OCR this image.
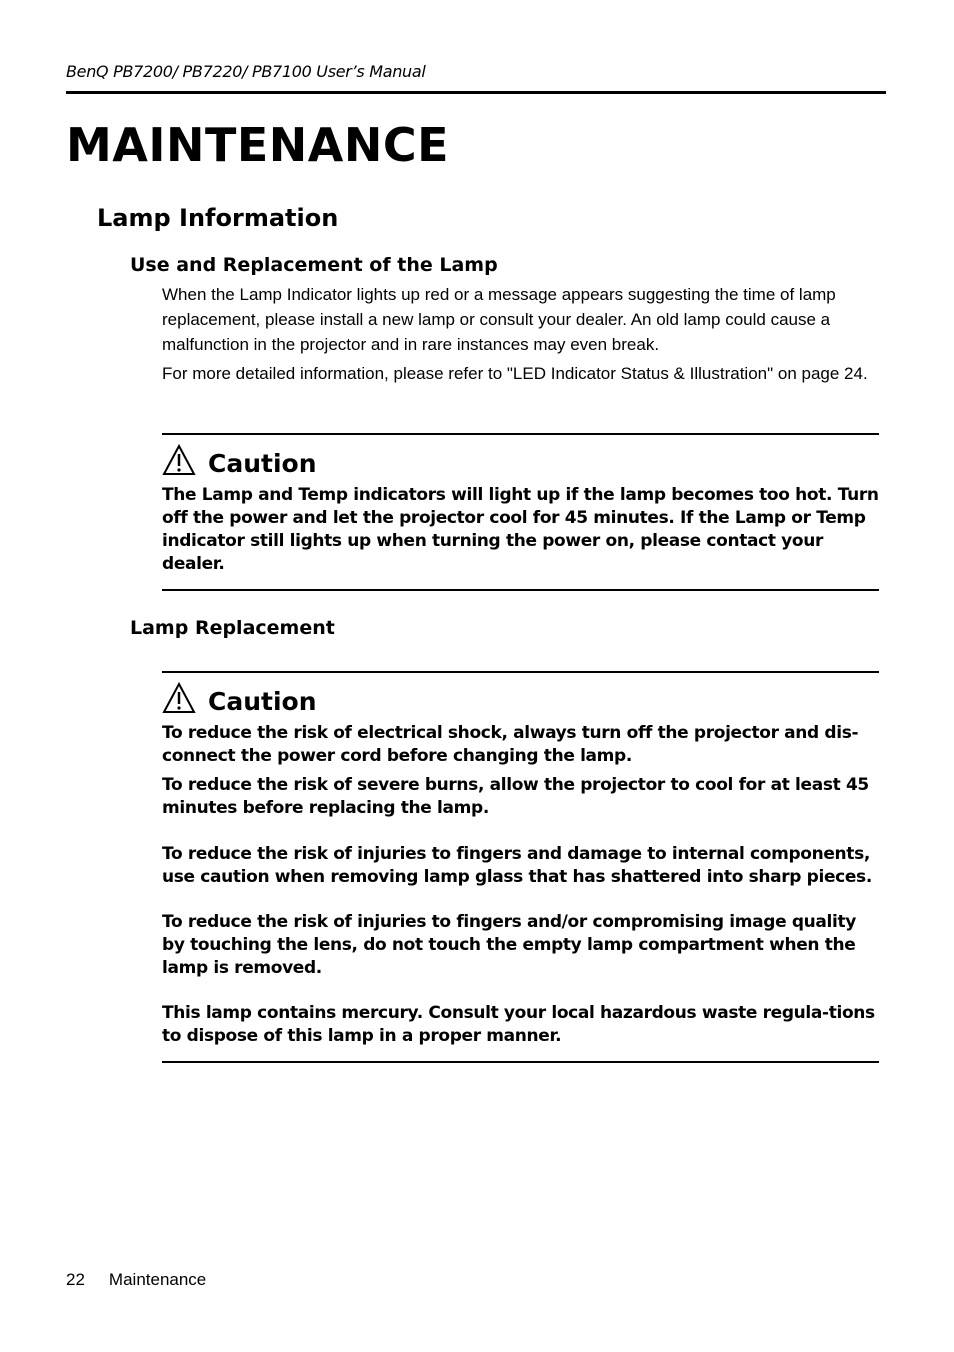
BenQ PB7200/ PB7220/ PB7100 User’s Manual
MAINTENANCE
Lamp Information
Use and Replacement of the Lamp

When the Lamp Indicator lights up red or a message appears suggesting the time of lamp replacement, please install a new lamp or consult your dealer. An old lamp could cause a malfunction in the projector and in rare instances may even break.

For more detailed information, please refer to "LED Indicator Status & Illustration" on page 24.

Caution

The Lamp and Temp indicators will light up if the lamp becomes too hot. Turn off the power and let the projector cool for 45 minutes. If the Lamp or Temp indicator still lights up when turning the power on, please contact your dealer.

Lamp Replacement
Caution

To reduce the risk of electrical shock, always turn off the projector and dis-connect the power cord before changing the lamp.

To reduce the risk of severe burns, allow the projector to cool for at least 45 minutes before replacing the lamp.

To reduce the risk of injuries to fingers and damage to internal components, use caution when removing lamp glass that has shattered into sharp pieces.

To reduce the risk of injuries to fingers and/or compromising image quality by touching the lens, do not touch the empty lamp compartment when the lamp is removed.

This lamp contains mercury. Consult your local hazardous waste regula-tions to dispose of this lamp in a proper manner.

22 Maintenance
